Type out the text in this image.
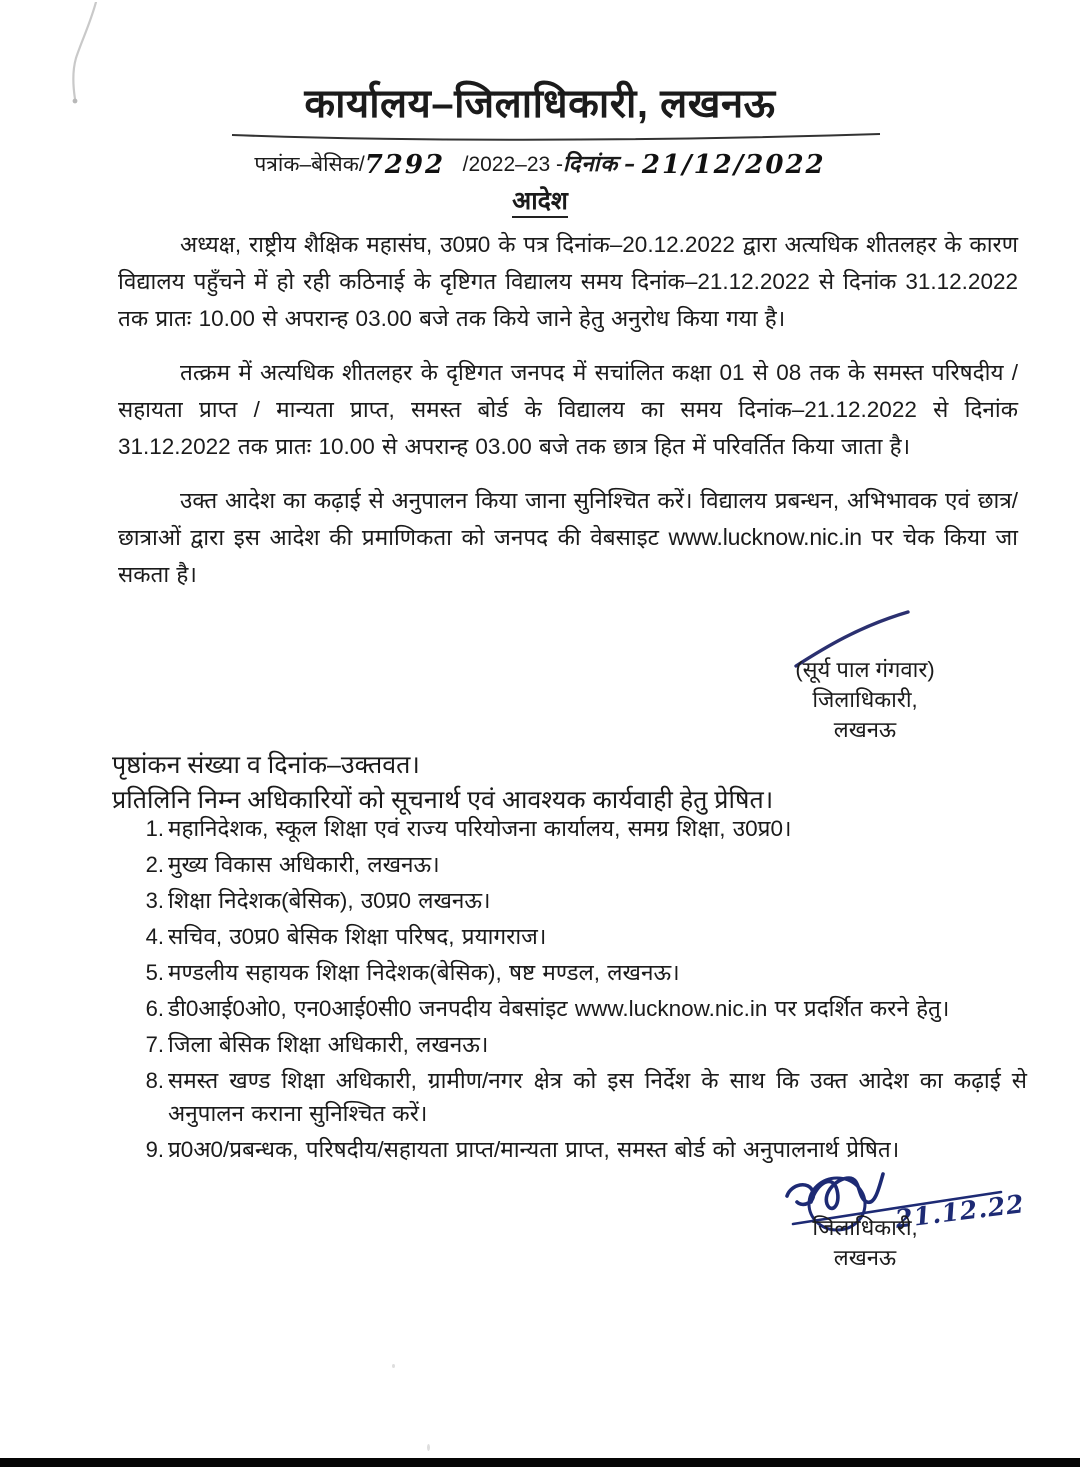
कार्यालय–जिलाधिकारी, लखनऊ
पत्रांक–बेसिक/7292 /2022–23 -दिनांक – 21/12/2022
आदेश

अध्यक्ष, राष्ट्रीय शैक्षिक महासंघ, उ0प्र0 के पत्र दिनांक–20.12.2022 द्वारा अत्यधिक शीतलहर के कारण विद्यालय पहुँचने में हो रही कठिनाई के दृष्टिगत विद्यालय समय दिनांक–21.12.2022 से दिनांक 31.12.2022 तक प्रातः 10.00 से अपरान्ह 03.00 बजे तक किये जाने हेतु अनुरोध किया गया है।

तत्क्रम में अत्यधिक शीतलहर के दृष्टिगत जनपद में सचांलित कक्षा 01 से 08 तक के समस्त परिषदीय / सहायता प्राप्त / मान्यता प्राप्त, समस्त बोर्ड के विद्यालय का समय दिनांक–21.12.2022 से दिनांक 31.12.2022 तक प्रातः 10.00 से अपरान्ह 03.00 बजे तक छात्र हित में परिवर्तित किया जाता है।

उक्त आदेश का कढ़ाई से अनुपालन किया जाना सुनिश्चित करें। विद्यालय प्रबन्धन, अभिभावक एवं छात्र/छात्राओं द्वारा इस आदेश की प्रमाणिकता को जनपद की वेबसाइट www.lucknow.nic.in पर चेक किया जा सकता है।

(सूर्य पाल गंगवार)
जिलाधिकारी,
लखनऊ

पृष्ठांकन संख्या व दिनांक–उक्तवत।

प्रतिलिनि निम्न अधिकारियों को सूचनार्थ एवं आवश्यक कार्यवाही हेतु प्रेषित।

1. महानिदेशक, स्कूल शिक्षा एवं राज्य परियोजना कार्यालय, समग्र शिक्षा, उ0प्र0।
2. मुख्य विकास अधिकारी, लखनऊ।
3. शिक्षा निदेशक(बेसिक), उ0प्र0 लखनऊ।
4. सचिव, उ0प्र0 बेसिक शिक्षा परिषद, प्रयागराज।
5. मण्डलीय सहायक शिक्षा निदेशक(बेसिक), षष्ट मण्डल, लखनऊ।
6. डी0आई0ओ0, एन0आई0सी0 जनपदीय वेबसांइट www.lucknow.nic.in पर प्रदर्शित करने हेतु।
7. जिला बेसिक शिक्षा अधिकारी, लखनऊ।
8. समस्त खण्ड शिक्षा अधिकारी, ग्रामीण/नगर क्षेत्र को इस निर्देश के साथ कि उक्त आदेश का कढ़ाई से अनुपालन कराना सुनिश्चित करें।
9. प्र0अ0/प्रबन्धक, परिषदीय/सहायता प्राप्त/मान्यता प्राप्त, समस्त बोर्ड को अनुपालनार्थ प्रेषित।
21.12.22
जिलाधिकारी,
लखनऊ
